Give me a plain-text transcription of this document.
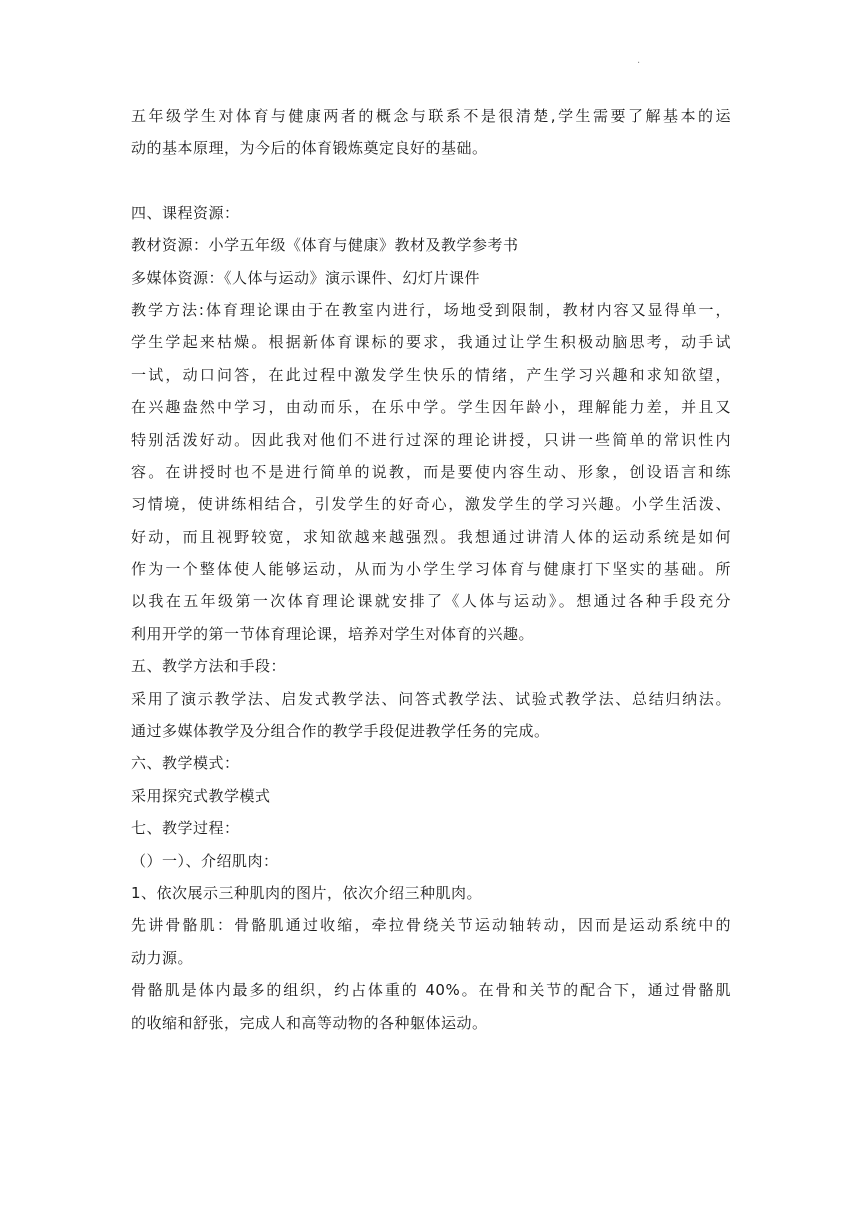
.
五年级学生对体育与健康两者的概念与联系不是很清楚,学生需要了解基本的运
动的基本原理，为今后的体育锻炼奠定良好的基础。
四、课程资源：
教材资源：小学五年级《体育与健康》教材及教学参考书
多媒体资源：《人体与运动》演示课件、幻灯片课件
教学方法:体育理论课由于在教室内进行，场地受到限制，教材内容又显得单一，
学生学起来枯燥。根据新体育课标的要求，我通过让学生积极动脑思考，动手试
一试，动口问答，在此过程中激发学生快乐的情绪，产生学习兴趣和求知欲望，
在兴趣盎然中学习，由动而乐，在乐中学。学生因年龄小，理解能力差，并且又
特别活泼好动。因此我对他们不进行过深的理论讲授，只讲一些简单的常识性内
容。在讲授时也不是进行简单的说教，而是要使内容生动、形象，创设语言和练
习情境，使讲练相结合，引发学生的好奇心，激发学生的学习兴趣。小学生活泼、
好动，而且视野较宽，求知欲越来越强烈。我想通过讲清人体的运动系统是如何
作为一个整体使人能够运动，从而为小学生学习体育与健康打下坚实的基础。所
以我在五年级第一次体育理论课就安排了《人体与运动》。想通过各种手段充分
利用开学的第一节体育理论课，培养对学生对体育的兴趣。
五、教学方法和手段：
采用了演示教学法、启发式教学法、问答式教学法、试验式教学法、总结归纳法。
通过多媒体教学及分组合作的教学手段促进教学任务的完成。
六、教学模式：
采用探究式教学模式
七、教学过程：
（）一）、介绍肌肉：
1、依次展示三种肌肉的图片，依次介绍三种肌肉。
先讲骨骼肌：骨骼肌通过收缩，牵拉骨绕关节运动轴转动，因而是运动系统中的
动力源。
骨骼肌是体内最多的组织，约占体重的 40%。在骨和关节的配合下，通过骨骼肌
的收缩和舒张，完成人和高等动物的各种躯体运动。
